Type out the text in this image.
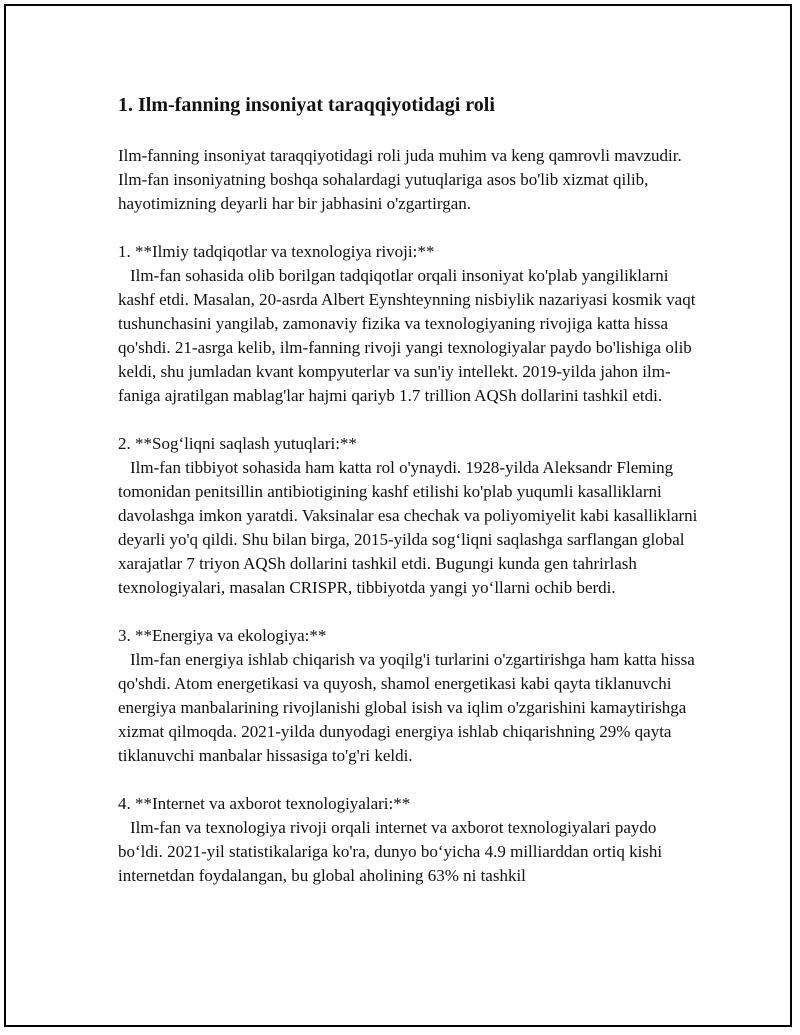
1. Ilm-fanning insoniyat taraqqiyotidagi roli

Ilm-fanning insoniyat taraqqiyotidagi roli juda muhim va keng qamrovli mavzudir. Ilm-fan insoniyatning boshqa sohalardagi yutuqlariga asos bo'lib xizmat qilib, hayotimizning deyarli har bir jabhasini o'zgartirgan.

1. **Ilmiy tadqiqotlar va texnologiya rivoji:**

Ilm-fan sohasida olib borilgan tadqiqotlar orqali insoniyat ko'plab yangiliklarni kashf etdi. Masalan, 20-asrda Albert Eynshteynning nisbiylik nazariyasi kosmik vaqt tushunchasini yangilab, zamonaviy fizika va texnologiyaning rivojiga katta hissa qo'shdi. 21-asrga kelib, ilm-fanning rivoji yangi texnologiyalar paydo bo'lishiga olib keldi, shu jumladan kvant kompyuterlar va sun'iy intellekt. 2019-yilda jahon ilm-faniga ajratilgan mablag'lar hajmi qariyb 1.7 trillion AQSh dollarini tashkil etdi.

2. **Sog‘liqni saqlash yutuqlari:**

Ilm-fan tibbiyot sohasida ham katta rol o'ynaydi. 1928-yilda Aleksandr Fleming tomonidan penitsillin antibiotigining kashf etilishi ko'plab yuqumli kasalliklarni davolashga imkon yaratdi. Vaksinalar esa chechak va poliyomiyelit kabi kasalliklarni deyarli yo'q qildi. Shu bilan birga, 2015-yilda sog‘liqni saqlashga sarflangan global xarajatlar 7 triyon AQSh dollarini tashkil etdi. Bugungi kunda gen tahrirlash texnologiyalari, masalan CRISPR, tibbiyotda yangi yo‘llarni ochib berdi.

3. **Energiya va ekologiya:**

Ilm-fan energiya ishlab chiqarish va yoqilg'i turlarini o'zgartirishga ham katta hissa qo'shdi. Atom energetikasi va quyosh, shamol energetikasi kabi qayta tiklanuvchi energiya manbalarining rivojlanishi global isish va iqlim o'zgarishini kamaytirishga xizmat qilmoqda. 2021-yilda dunyodagi energiya ishlab chiqarishning 29% qayta tiklanuvchi manbalar hissasiga to'g'ri keldi.

4. **Internet va axborot texnologiyalari:**

Ilm-fan va texnologiya rivoji orqali internet va axborot texnologiyalari paydo bo‘ldi. 2021-yil statistikalariga ko'ra, dunyo bo‘yicha 4.9 milliarddan ortiq kishi internetdan foydalangan, bu global aholining 63% ni tashkil
